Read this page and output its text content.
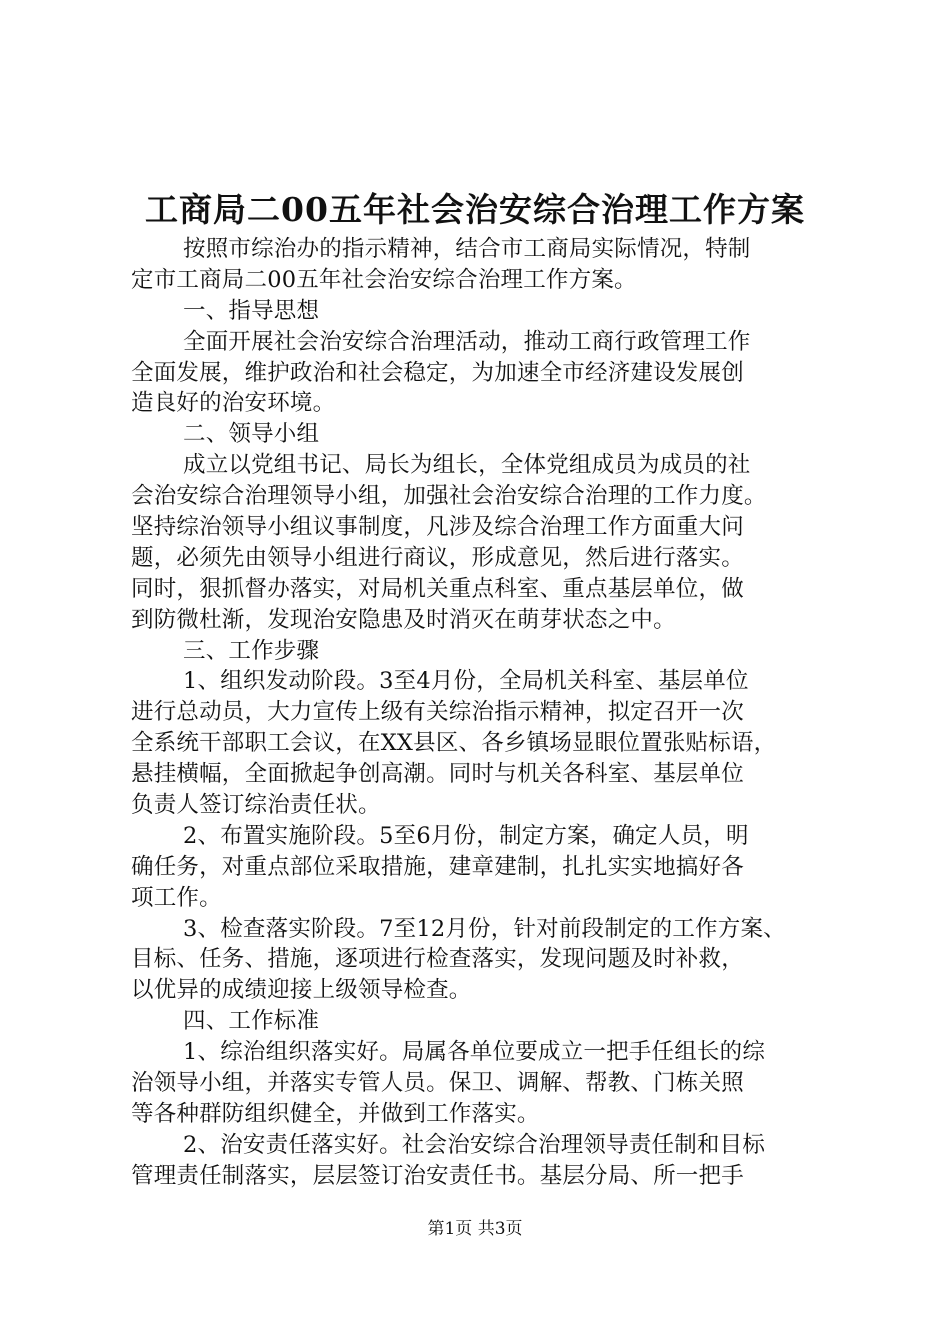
工商局二00五年社会治安综合治理工作方案
按照市综治办的指示精神，结合市工商局实际情况，特制
定市工商局二00五年社会治安综合治理工作方案。
一、指导思想
全面开展社会治安综合治理活动，推动工商行政管理工作
全面发展，维护政治和社会稳定，为加速全市经济建设发展创
造良好的治安环境。
二、领导小组
成立以党组书记、局长为组长，全体党组成员为成员的社
会治安综合治理领导小组，加强社会治安综合治理的工作力度。
坚持综治领导小组议事制度，凡涉及综合治理工作方面重大问
题，必须先由领导小组进行商议，形成意见，然后进行落实。
同时，狠抓督办落实，对局机关重点科室、重点基层单位，做
到防微杜渐，发现治安隐患及时消灭在萌芽状态之中。
三、工作步骤
1、组织发动阶段。3至4月份，全局机关科室、基层单位
进行总动员，大力宣传上级有关综治指示精神，拟定召开一次
全系统干部职工会议，在XX县区、各乡镇场显眼位置张贴标语，
悬挂横幅，全面掀起争创高潮。同时与机关各科室、基层单位
负责人签订综治责任状。
2、布置实施阶段。5至6月份，制定方案，确定人员，明
确任务，对重点部位采取措施，建章建制，扎扎实实地搞好各
项工作。
3、检查落实阶段。7至12月份，针对前段制定的工作方案、
目标、任务、措施，逐项进行检查落实，发现问题及时补救，
以优异的成绩迎接上级领导检查。
四、工作标准
1、综治组织落实好。局属各单位要成立一把手任组长的综
治领导小组，并落实专管人员。保卫、调解、帮教、门栋关照
等各种群防组织健全，并做到工作落实。
2、治安责任落实好。社会治安综合治理领导责任制和目标
管理责任制落实，层层签订治安责任书。基层分局、所一把手
第1页 共3页
